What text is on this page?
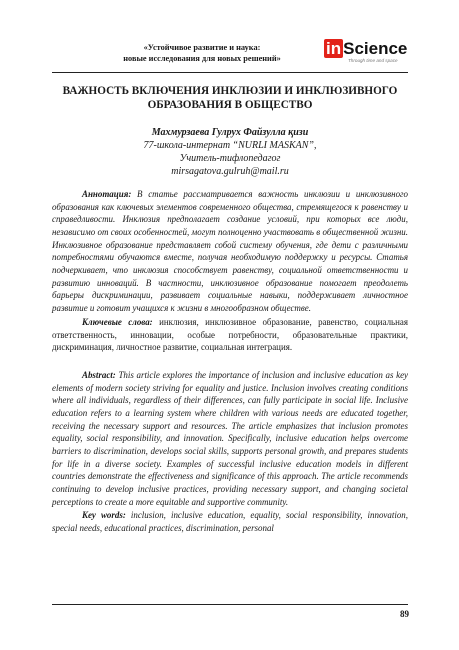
«Устойчивое развитие и наука:
новые исследования для новых решений»
in Science
Through time and space
ВАЖНОСТЬ ВКЛЮЧЕНИЯ ИНКЛЮЗИИ И ИНКЛЮЗИВНОГО
ОБРАЗОВАНИЯ В ОБЩЕСТВО
Махмурзаева Гулрух Файзулла қизи
77-школа-интернат “NURLI MASKAN”,
Учитель-тифлопедагог
mirsagatova.gulruh@mail.ru
Аннотация: В статье рассматривается важность инклюзии и инклюзивного образования как ключевых элементов современного общества, стремящегося к равенству и справедливости. Инклюзия предполагает создание условий, при которых все люди, независимо от своих особенностей, могут полноценно участвовать в общественной жизни. Инклюзивное образование представляет собой систему обучения, где дети с различными потребностями обучаются вместе, получая необходимую поддержку и ресурсы. Статья подчеркивает, что инклюзия способствует равенству, социальной ответственности и развитию инноваций. В частности, инклюзивное образование помогает преодолеть барьеры дискриминации, развивает социальные навыки, поддерживает личностное развитие и готовит учащихся к жизни в многообразном обществе.
Ключевые слова: инклюзия, инклюзивное образование, равенство, социальная ответственность, инновации, особые потребности, образовательные практики, дискриминация, личностное развитие, социальная интеграция.
Abstract: This article explores the importance of inclusion and inclusive education as key elements of modern society striving for equality and justice. Inclusion involves creating conditions where all individuals, regardless of their differences, can fully participate in social life. Inclusive education refers to a learning system where children with various needs are educated together, receiving the necessary support and resources. The article emphasizes that inclusion promotes equality, social responsibility, and innovation. Specifically, inclusive education helps overcome barriers to discrimination, develops social skills, supports personal growth, and prepares students for life in a diverse society. Examples of successful inclusive education models in different countries demonstrate the effectiveness and significance of this approach. The article recommends continuing to develop inclusive practices, providing necessary support, and changing societal perceptions to create a more equitable and supportive community.
Key words: inclusion, inclusive education, equality, social responsibility, innovation, special needs, educational practices, discrimination, personal
89
